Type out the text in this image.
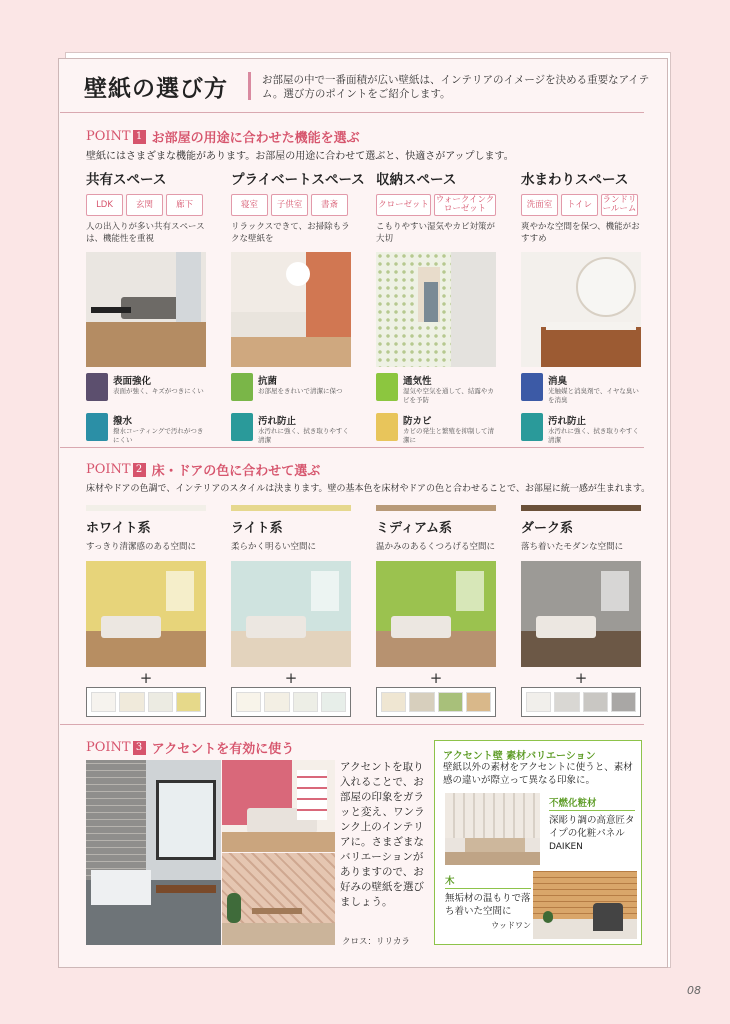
壁紙の選び方	お部屋の中で一番面積が広い壁紙は、インテリアのイメージを決める重要なアイテム。選び方のポイントをご紹介します。
POINT 1 お部屋の用途に合わせた機能を選ぶ
壁紙にはさまざまな機能があります。お部屋の用途に合わせて選ぶと、快適さがアップします。
共有スペース
LDK	玄関	廊下
人の出入りが多い共有スペースは、機能性を重視
表面強化
表面が強く、キズがつきにくい
撥水
撥水コーティングで汚れがつきにくい
プライベートスペース
寝室	子供室	書斎
リラックスできて、お掃除もラクな壁紙を
抗菌
お部屋をきれいで清潔に保つ
汚れ防止
水汚れに強く、拭き取りやすく清潔
収納スペース
クローゼット ウォークインクローゼット
こもりやすい湿気やカビ対策が大切
通気性
湿気や空気を通して、結露やカビを予防
防カビ
カビの発生と繁殖を抑制して清潔に
水まわりスペース
洗面室	トイレ	ランドリールーム
爽やかな空間を保つ、機能がおすすめ
消臭
光触媒と消臭剤で、イヤな臭いを消臭
汚れ防止
水汚れに強く、拭き取りやすく清潔
POINT 2 床・ドアの色に合わせて選ぶ
床材やドアの色調で、インテリアのスタイルは決まります。壁の基本色を床材やドアの色と合わせることで、お部屋に統一感が生まれます。
ホワイト系
すっきり清潔感のある空間に
+
ライト系
柔らかく明るい空間に
+
ミディアム系
温かみのあるくつろげる空間に
+
ダーク系
落ち着いたモダンな空間に
+
POINT 3 アクセントを有効に使う
アクセントを取り入れることで、お部屋の印象をガラッと変え、ワンランク上のインテリアに。さまざまなバリエーションがありますので、お好みの壁紙を選びましょう。
クロス：リリカラ
アクセント壁 素材バリエーション
壁紙以外の素材をアクセントに使うと、素材感の違いが際立って異なる印象に。
不燃化粧材
深彫り調の高意匠タイプの化粧パネル
DAIKEN
木
無垢材の温もりで落ち着いた空間に
ウッドワン
08
